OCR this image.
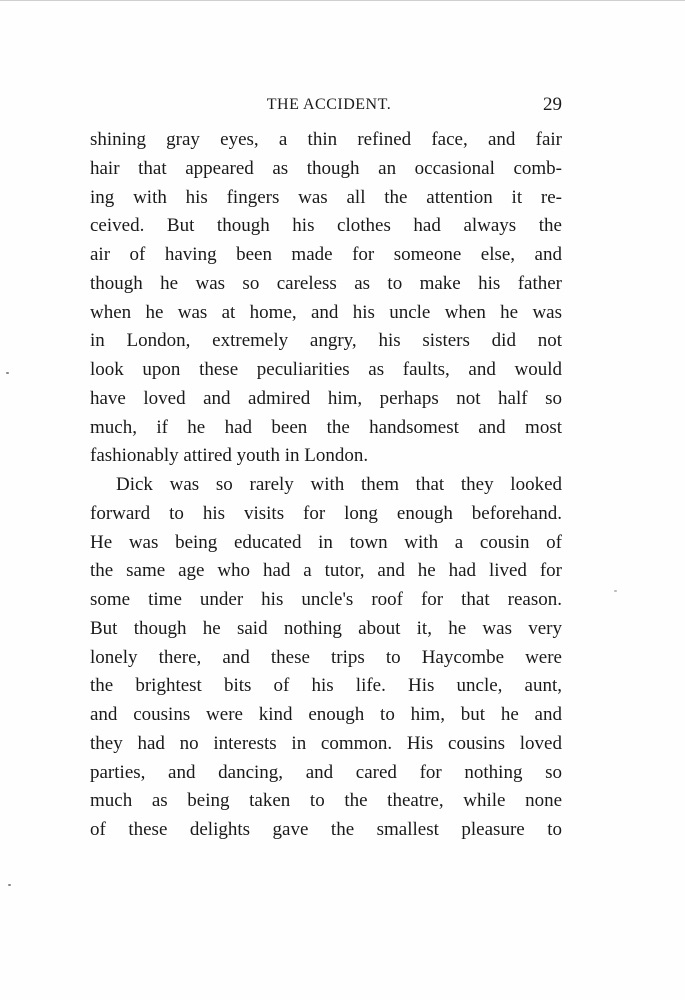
THE ACCIDENT.	29
shining gray eyes, a thin refined face, and fair
hair that appeared as though an occasional comb-
ing with his fingers was all the attention it re-
ceived. But though his clothes had always the
air of having been made for someone else, and
though he was so careless as to make his father
when he was at home, and his uncle when he was
in London, extremely angry, his sisters did not
look upon these peculiarities as faults, and would
have loved and admired him, perhaps not half so
much, if he had been the handsomest and most
fashionably attired youth in London.
Dick was so rarely with them that they looked
forward to his visits for long enough beforehand.
He was being educated in town with a cousin of
the same age who had a tutor, and he had lived for
some time under his uncle's roof for that reason.
But though he said nothing about it, he was very
lonely there, and these trips to Haycombe were
the brightest bits of his life. His uncle, aunt,
and cousins were kind enough to him, but he and
they had no interests in common. His cousins loved
parties, and dancing, and cared for nothing so
much as being taken to the theatre, while none
of these delights gave the smallest pleasure to
